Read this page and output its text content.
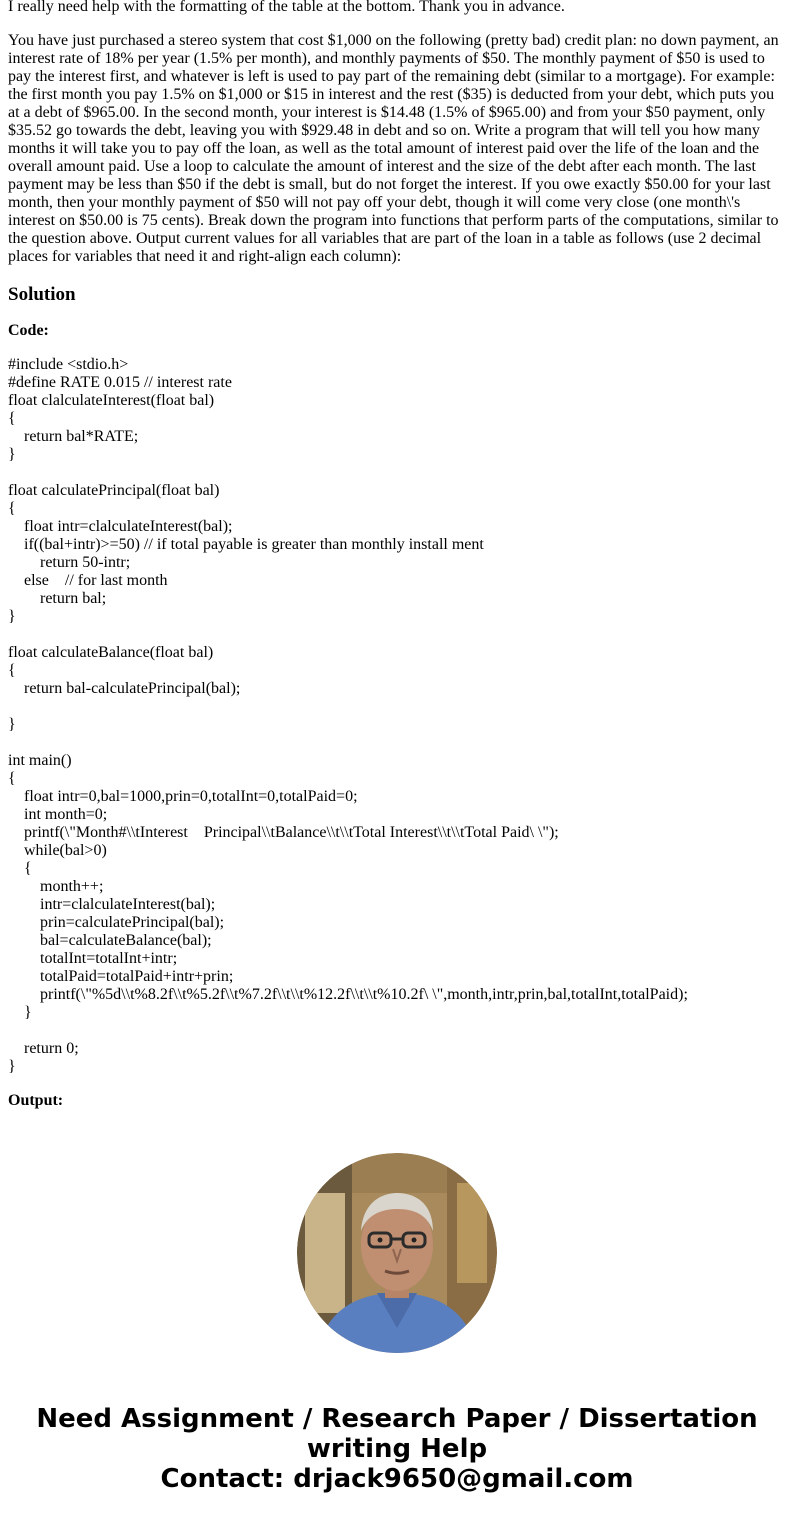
I really need help with the formatting of the table at the bottom. Thank you in advance.

You have just purchased a stereo system that cost $1,000 on the following (pretty bad) credit plan: no down payment, an interest rate of 18% per year (1.5% per month), and monthly payments of $50. The monthly payment of $50 is used to pay the interest first, and whatever is left is used to pay part of the remaining debt (similar to a mortgage). For example: the first month you pay 1.5% on $1,000 or $15 in interest and the rest ($35) is deducted from your debt, which puts you at a debt of $965.00. In the second month, your interest is $14.48 (1.5% of $965.00) and from your $50 payment, only $35.52 go towards the debt, leaving you with $929.48 in debt and so on. Write a program that will tell you how many months it will take you to pay off the loan, as well as the total amount of interest paid over the life of the loan and the overall amount paid. Use a loop to calculate the amount of interest and the size of the debt after each month. The last payment may be less than $50 if the debt is small, but do not forget the interest. If you owe exactly $50.00 for your last month, then your monthly payment of $50 will not pay off your debt, though it will come very close (one month\'s interest on $50.00 is 75 cents). Break down the program into functions that perform parts of the computations, similar to the question above. Output current values for all variables that are part of the loan in a table as follows (use 2 decimal places for variables that need it and right-align each column):

Solution

Code:

#include <stdio.h>
#define RATE 0.015 // interest rate
float clalculateInterest(float bal)
{
return bal*RATE;
}
float calculatePrincipal(float bal)
{
float intr=clalculateInterest(bal);
if((bal+intr)>=50) // if total payable is greater than monthly install ment
return 50-intr;
else    // for last month
return bal;
}
float calculateBalance(float bal)
{
return bal-calculatePrincipal(bal);
}
int main()
{
float intr=0,bal=1000,prin=0,totalInt=0,totalPaid=0;
int month=0;
printf(\"Month#\\tInterest    Principal\\tBalance\\t\\tTotal Interest\\t\\tTotal Paid\ \");
while(bal>0)
{
month++;
intr=clalculateInterest(bal);
prin=calculatePrincipal(bal);
bal=calculateBalance(bal);
totalInt=totalInt+intr;
totalPaid=totalPaid+intr+prin;
printf(\"%5d\\t%8.2f\\t%5.2f\\t%7.2f\\t\\t%12.2f\\t\\t%10.2f\ \",month,intr,prin,bal,totalInt,totalPaid);
}
return 0;
}

Output:

Need Assignment / Research Paper / Dissertation
writing Help
Contact: drjack9650@gmail.com
